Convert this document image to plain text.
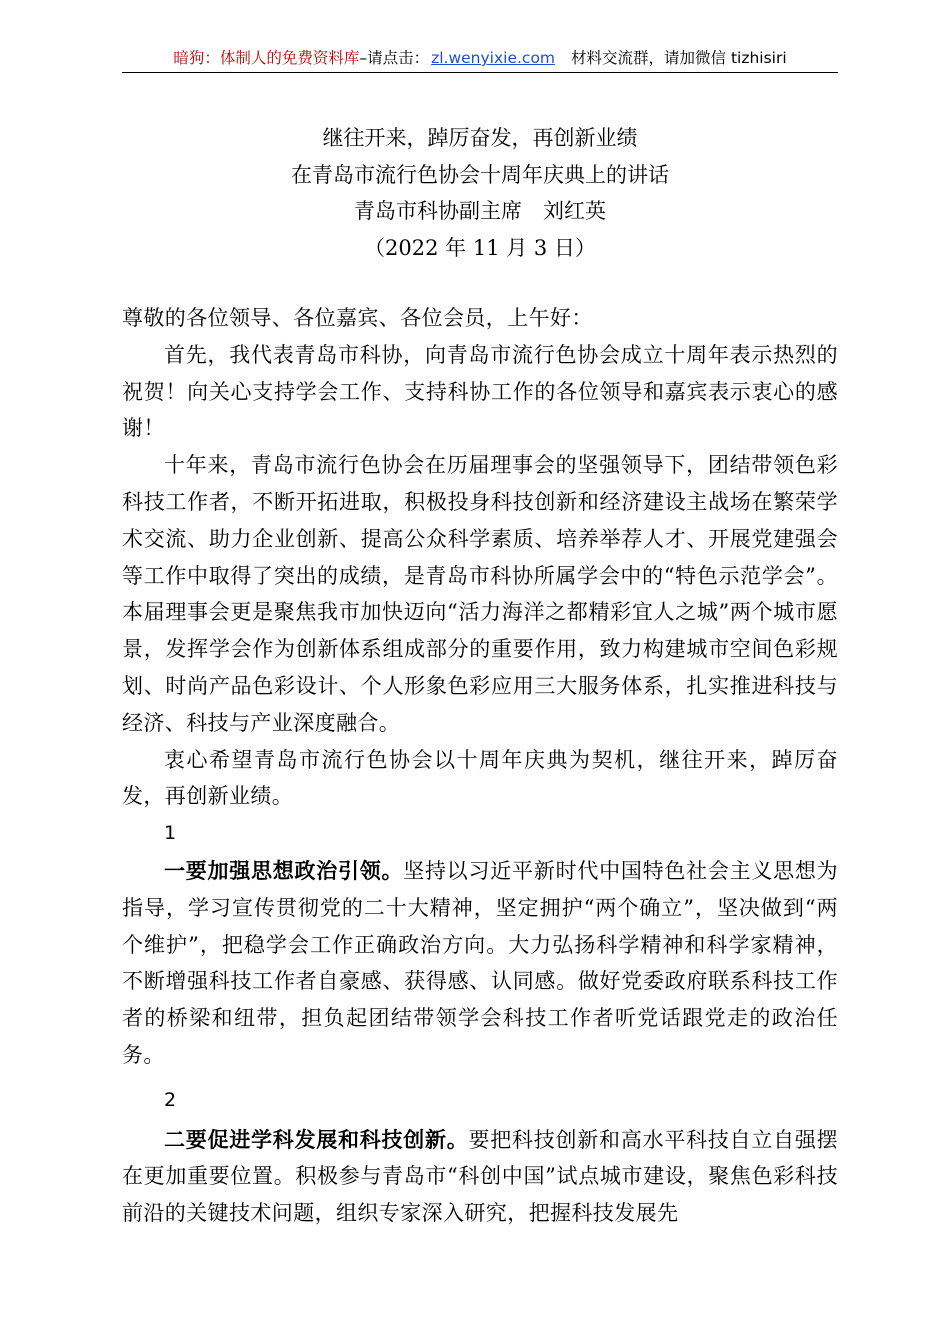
暗狗：体制人的免费资料库–请点击： zl.wenyixie.com 材料交流群，请加微信 tizhisiri
继往开来，踔厉奋发，再创新业绩
在青岛市流行色协会十周年庆典上的讲话
青岛市科协副主席　刘红英
（2022 年 11 月 3 日）

尊敬的各位领导、各位嘉宾、各位会员，上午好：

首先，我代表青岛市科协，向青岛市流行色协会成立十周年表示热烈的祝贺！向关心支持学会工作、支持科协工作的各位领导和嘉宾表示衷心的感谢！

十年来，青岛市流行色协会在历届理事会的坚强领导下，团结带领色彩科技工作者，不断开拓进取，积极投身科技创新和经济建设主战场在繁荣学术交流、助力企业创新、提高公众科学素质、培养举荐人才、开展党建强会等工作中取得了突出的成绩，是青岛市科协所属学会中的“特色示范学会”。本届理事会更是聚焦我市加快迈向“活力海洋之都精彩宜人之城”两个城市愿景，发挥学会作为创新体系组成部分的重要作用，致力构建城市空间色彩规划、时尚产品色彩设计、个人形象色彩应用三大服务体系，扎实推进科技与经济、科技与产业深度融合。

衷心希望青岛市流行色协会以十周年庆典为契机，继往开来，踔厉奋发，再创新业绩。

1

一要加强思想政治引领。坚持以习近平新时代中国特色社会主义思想为指导，学习宣传贯彻党的二十大精神，坚定拥护“两个确立”，坚决做到“两个维护”，把稳学会工作正确政治方向。大力弘扬科学精神和科学家精神，不断增强科技工作者自豪感、获得感、认同感。做好党委政府联系科技工作者的桥梁和纽带，担负起团结带领学会科技工作者听党话跟党走的政治任务。

2

二要促进学科发展和科技创新。要把科技创新和高水平科技自立自强摆在更加重要位置。积极参与青岛市“科创中国”试点城市建设，聚焦色彩科技前沿的关键技术问题，组织专家深入研究，把握科技发展先
